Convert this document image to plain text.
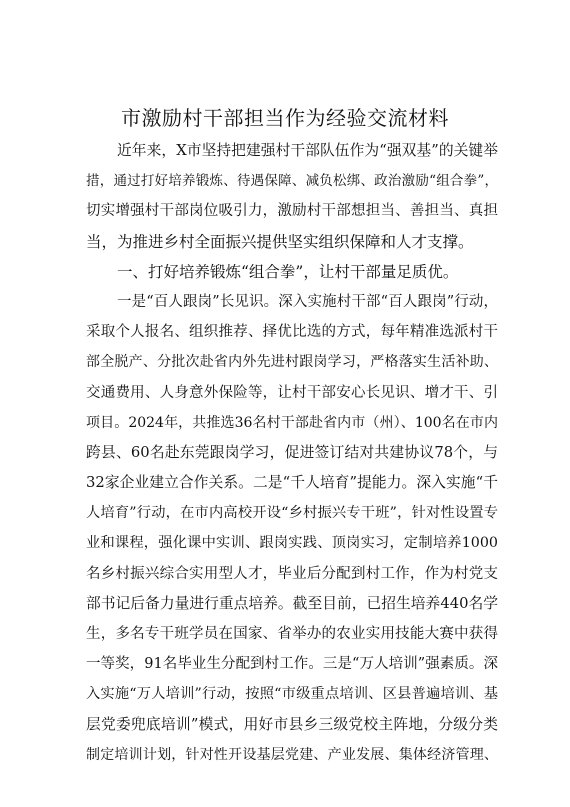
市激励村干部担当作为经验交流材料
近年来，X市坚持把建强村干部队伍作为“强双基”的关键举
措，通过打好培养锻炼、待遇保障、减负松绑、政治激励“组合拳”，
切实增强村干部岗位吸引力，激励村干部想担当、善担当、真担
当，为推进乡村全面振兴提供坚实组织保障和人才支撑。
一、打好培养锻炼“组合拳”，让村干部量足质优。
一是“百人跟岗”长见识。深入实施村干部“百人跟岗”行动，
采取个人报名、组织推荐、择优比选的方式，每年精准选派村干
部全脱产、分批次赴省内外先进村跟岗学习，严格落实生活补助、
交通费用、人身意外保险等，让村干部安心长见识、增才干、引
项目。2024年，共推选36名村干部赴省内市（州）、100名在市内
跨县、60名赴东莞跟岗学习，促进签订结对共建协议78个，与
32家企业建立合作关系。二是“千人培育”提能力。深入实施“千
人培育”行动，在市内高校开设“乡村振兴专干班”，针对性设置专
业和课程，强化课中实训、跟岗实践、顶岗实习，定制培养1000
名乡村振兴综合实用型人才，毕业后分配到村工作，作为村党支
部书记后备力量进行重点培养。截至目前，已招生培养440名学
生，多名专干班学员在国家、省举办的农业实用技能大赛中获得
一等奖，91名毕业生分配到村工作。三是“万人培训”强素质。深
入实施“万人培训”行动，按照“市级重点培训、区县普遍培训、基
层党委兜底培训”模式，用好市县乡三级党校主阵地，分级分类
制定培训计划，针对性开设基层党建、产业发展、集体经济管理、
